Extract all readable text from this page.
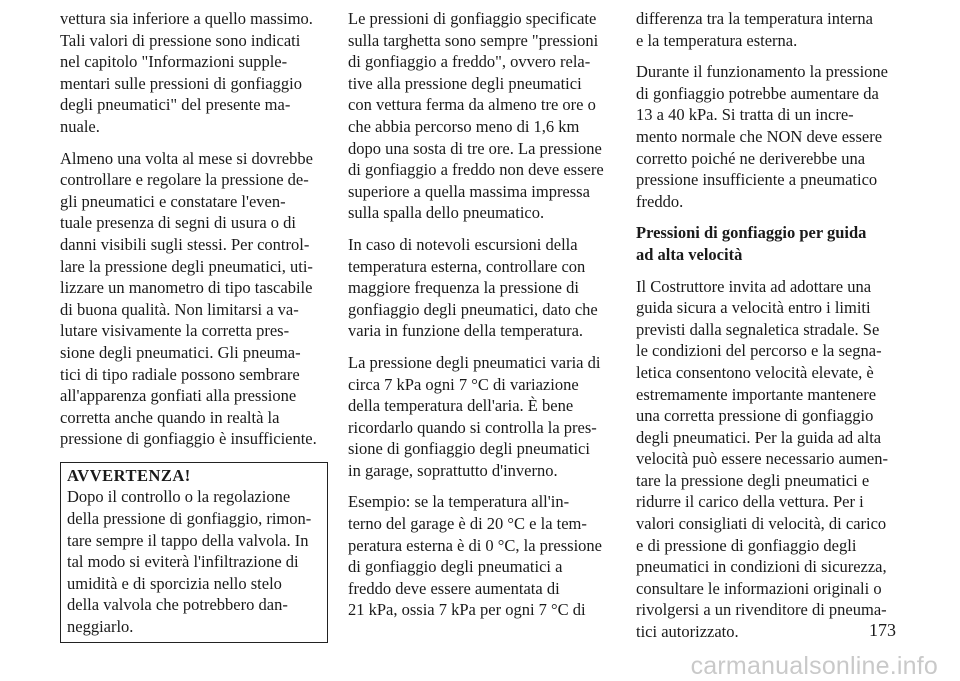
vettura sia inferiore a quello massimo.
Tali valori di pressione sono indicati
nel capitolo "Informazioni supple-
mentari sulle pressioni di gonfiaggio
degli pneumatici" del presente ma-
nuale.

Almeno una volta al mese si dovrebbe
controllare e regolare la pressione de-
gli pneumatici e constatare l'even-
tuale presenza di segni di usura o di
danni visibili sugli stessi. Per control-
lare la pressione degli pneumatici, uti-
lizzare un manometro di tipo tascabile
di buona qualità. Non limitarsi a va-
lutare visivamente la corretta pres-
sione degli pneumatici. Gli pneuma-
tici di tipo radiale possono sembrare
all'apparenza gonfiati alla pressione
corretta anche quando in realtà la
pressione di gonfiaggio è insufficiente.

AVVERTENZA!

Dopo il controllo o la regolazione
della pressione di gonfiaggio, rimon-
tare sempre il tappo della valvola. In
tal modo si eviterà l'infiltrazione di
umidità e di sporcizia nello stelo
della valvola che potrebbero dan-
neggiarlo.

Le pressioni di gonfiaggio specificate
sulla targhetta sono sempre "pressioni
di gonfiaggio a freddo", ovvero rela-
tive alla pressione degli pneumatici
con vettura ferma da almeno tre ore o
che abbia percorso meno di 1,6 km
dopo una sosta di tre ore. La pressione
di gonfiaggio a freddo non deve essere
superiore a quella massima impressa
sulla spalla dello pneumatico.

In caso di notevoli escursioni della
temperatura esterna, controllare con
maggiore frequenza la pressione di
gonfiaggio degli pneumatici, dato che
varia in funzione della temperatura.

La pressione degli pneumatici varia di
circa 7 kPa ogni 7 °C di variazione
della temperatura dell'aria. È bene
ricordarlo quando si controlla la pres-
sione di gonfiaggio degli pneumatici
in garage, soprattutto d'inverno.

Esempio: se la temperatura all'in-
terno del garage è di 20 °C e la tem-
peratura esterna è di 0 °C, la pressione
di gonfiaggio degli pneumatici a
freddo deve essere aumentata di
21 kPa, ossia 7 kPa per ogni 7 °C di

differenza tra la temperatura interna
e la temperatura esterna.

Durante il funzionamento la pressione
di gonfiaggio potrebbe aumentare da
13 a 40 kPa. Si tratta di un incre-
mento normale che NON deve essere
corretto poiché ne deriverebbe una
pressione insufficiente a pneumatico
freddo.

Pressioni di gonfiaggio per guida
ad alta velocità

Il Costruttore invita ad adottare una
guida sicura a velocità entro i limiti
previsti dalla segnaletica stradale. Se
le condizioni del percorso e la segna-
letica consentono velocità elevate, è
estremamente importante mantenere
una corretta pressione di gonfiaggio
degli pneumatici. Per la guida ad alta
velocità può essere necessario aumen-
tare la pressione degli pneumatici e
ridurre il carico della vettura. Per i
valori consigliati di velocità, di carico
e di pressione di gonfiaggio degli
pneumatici in condizioni di sicurezza,
consultare le informazioni originali o
rivolgersi a un rivenditore di pneuma-
tici autorizzato.	173
carmanualsonline.info
